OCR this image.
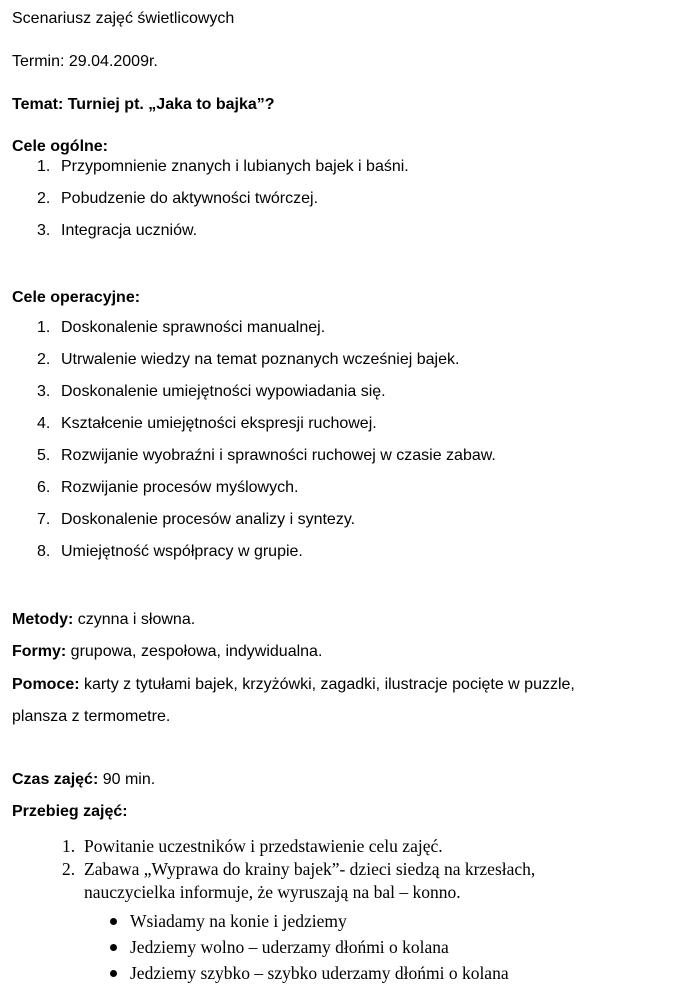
Scenariusz zajęć świetlicowych
Termin: 29.04.2009r.
Temat: Turniej pt. „Jaka to bajka”?
Cele ogólne:
1. Przypomnienie znanych i lubianych bajek i baśni.
2. Pobudzenie do aktywności twórczej.
3. Integracja uczniów.
Cele operacyjne:
1. Doskonalenie sprawności manualnej.
2. Utrwalenie wiedzy na temat poznanych wcześniej bajek.
3. Doskonalenie umiejętności wypowiadania się.
4. Kształcenie umiejętności ekspresji ruchowej.
5. Rozwijanie wyobraźni i sprawności ruchowej w czasie zabaw.
6. Rozwijanie procesów myślowych.
7. Doskonalenie procesów analizy i syntezy.
8. Umiejętność współpracy w grupie.
Metody: czynna i słowna.
Formy: grupowa, zespołowa, indywidualna.
Pomoce: karty z tytułami bajek, krzyżówki, zagadki, ilustracje pocięte w puzzle,
plansza z termometre.
Czas zajęć: 90 min.
Przebieg zajęć:
1. Powitanie uczestników i przedstawienie celu zajęć.
2. Zabawa „Wyprawa do krainy bajek”- dzieci siedzą na krzesłach,
nauczycielka informuje, że wyruszają na bal – konno.
Wsiadamy na konie i jedziemy
Jedziemy wolno – uderzamy dłońmi o kolana
Jedziemy szybko – szybko uderzamy dłońmi o kolana
